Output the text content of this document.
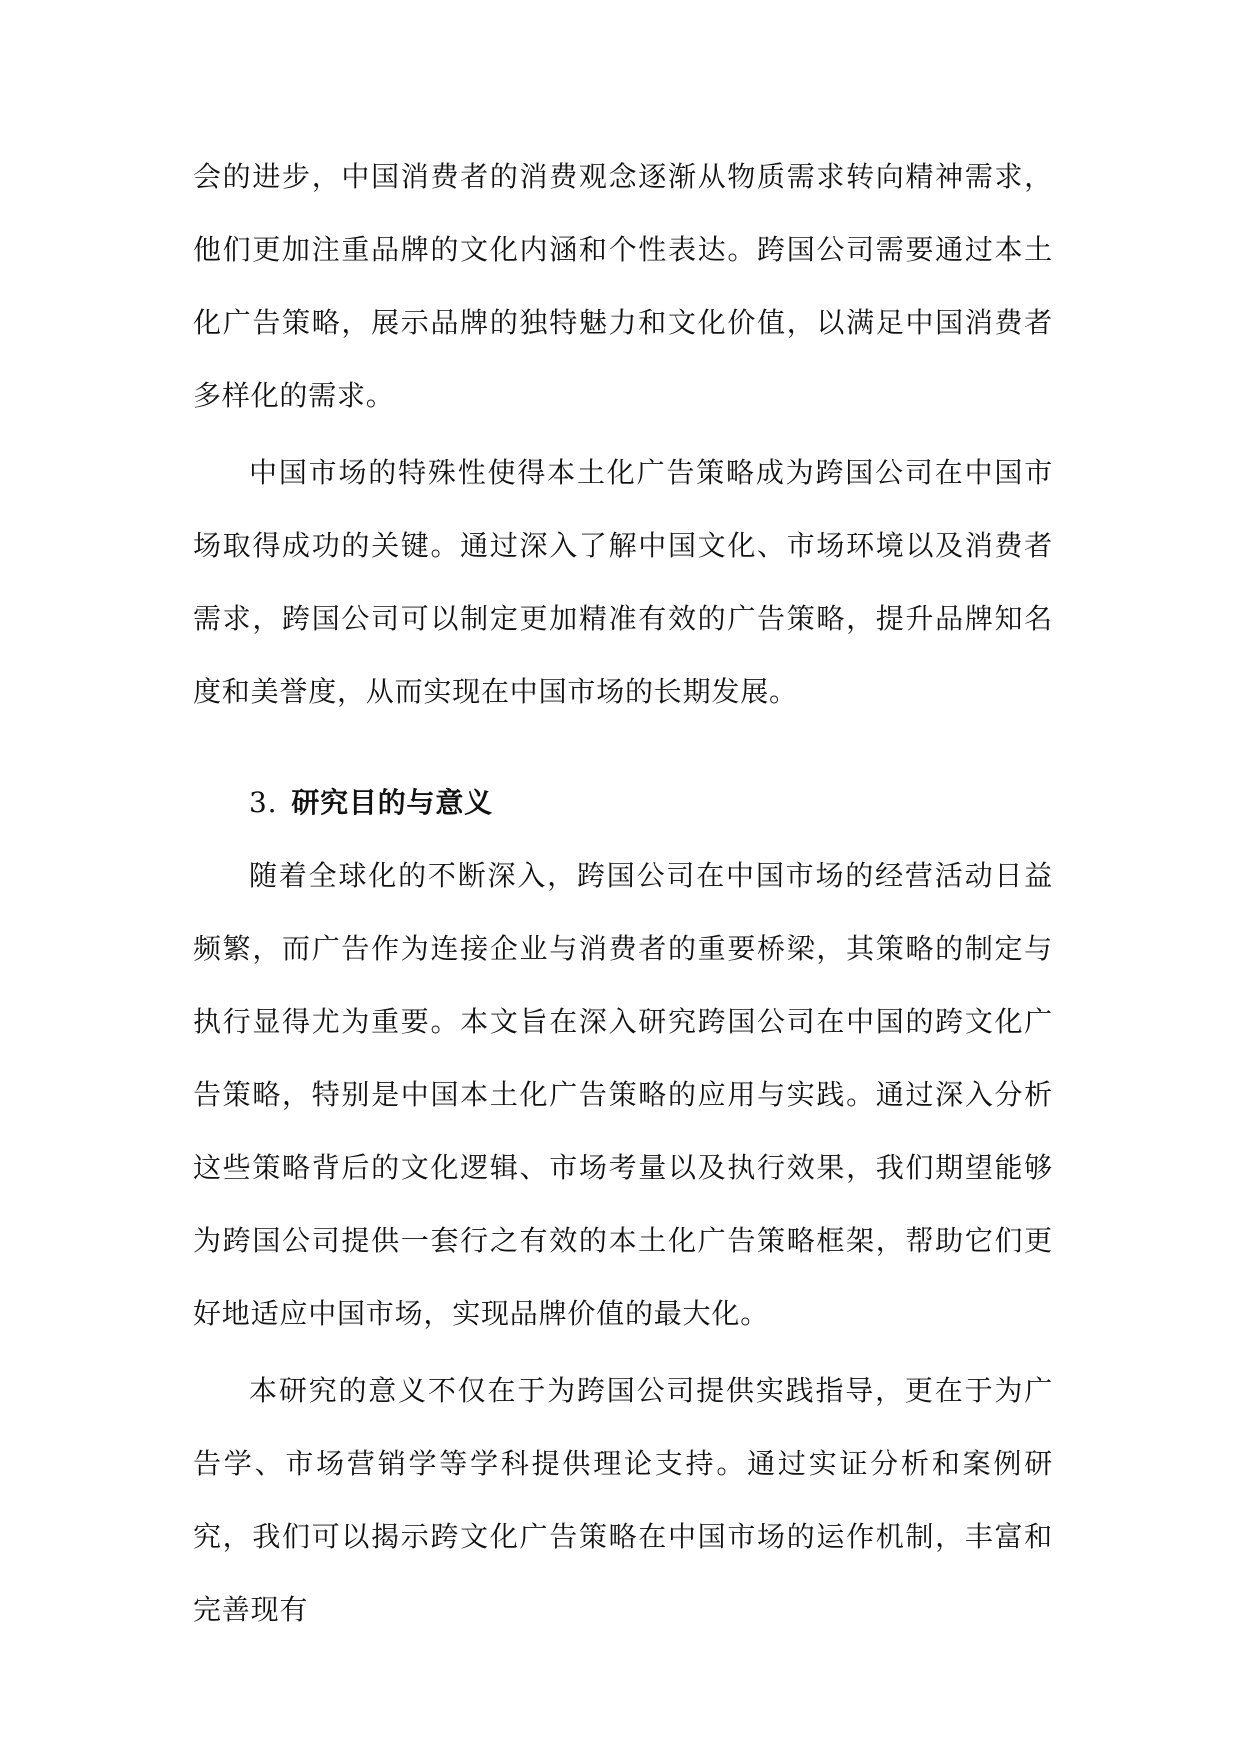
会的进步，中国消费者的消费观念逐渐从物质需求转向精神需求，他们更加注重品牌的文化内涵和个性表达。跨国公司需要通过本土化广告策略，展示品牌的独特魅力和文化价值，以满足中国消费者多样化的需求。

中国市场的特殊性使得本土化广告策略成为跨国公司在中国市场取得成功的关键。通过深入了解中国文化、市场环境以及消费者需求，跨国公司可以制定更加精准有效的广告策略，提升品牌知名度和美誉度，从而实现在中国市场的长期发展。

3. 研究目的与意义

随着全球化的不断深入，跨国公司在中国市场的经营活动日益频繁，而广告作为连接企业与消费者的重要桥梁，其策略的制定与执行显得尤为重要。本文旨在深入研究跨国公司在中国的跨文化广告策略，特别是中国本土化广告策略的应用与实践。通过深入分析这些策略背后的文化逻辑、市场考量以及执行效果，我们期望能够为跨国公司提供一套行之有效的本土化广告策略框架，帮助它们更好地适应中国市场，实现品牌价值的最大化。

本研究的意义不仅在于为跨国公司提供实践指导，更在于为广告学、市场营销学等学科提供理论支持。通过实证分析和案例研究，我们可以揭示跨文化广告策略在中国市场的运作机制，丰富和完善现有
